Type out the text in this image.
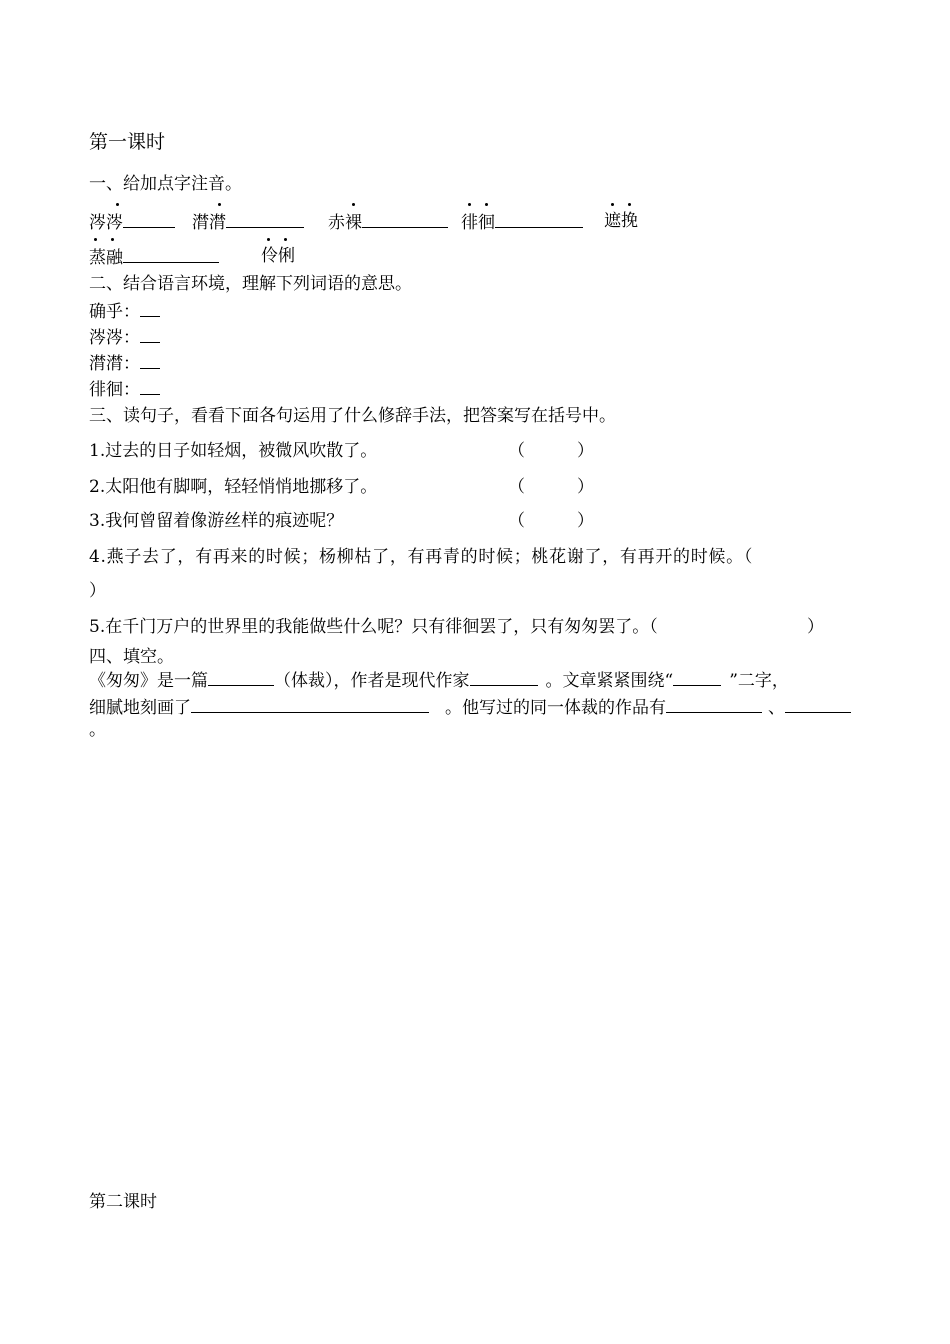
第一课时
一、给加点字注音。
涔涔	潸潸	赤裸	徘徊	遮挽
蒸融	伶俐
二、结合语言环境，理解下列词语的意思。
确乎：
涔涔：
潸潸：
徘徊：
三、读句子，看看下面各句运用了什么修辞手法，把答案写在括号中。
1.过去的日子如轻烟，被微风吹散了。	（	）
2.太阳他有脚啊，轻轻悄悄地挪移了。	（	）
3.我何曾留着像游丝样的痕迹呢？	（	）
4.燕子去了，有再来的时候；杨柳枯了，有再青的时候；桃花谢了，有再开的时候。（
）
5.在千门万户的世界里的我能做些什么呢？只有徘徊罢了，只有匆匆罢了。（	）
四、填空。
《匆匆》是一篇	（体裁），作者是现代作家	。文章紧紧围绕“	”二字，
细腻地刻画了	。他写过的同一体裁的作品有	、
。
第二课时
